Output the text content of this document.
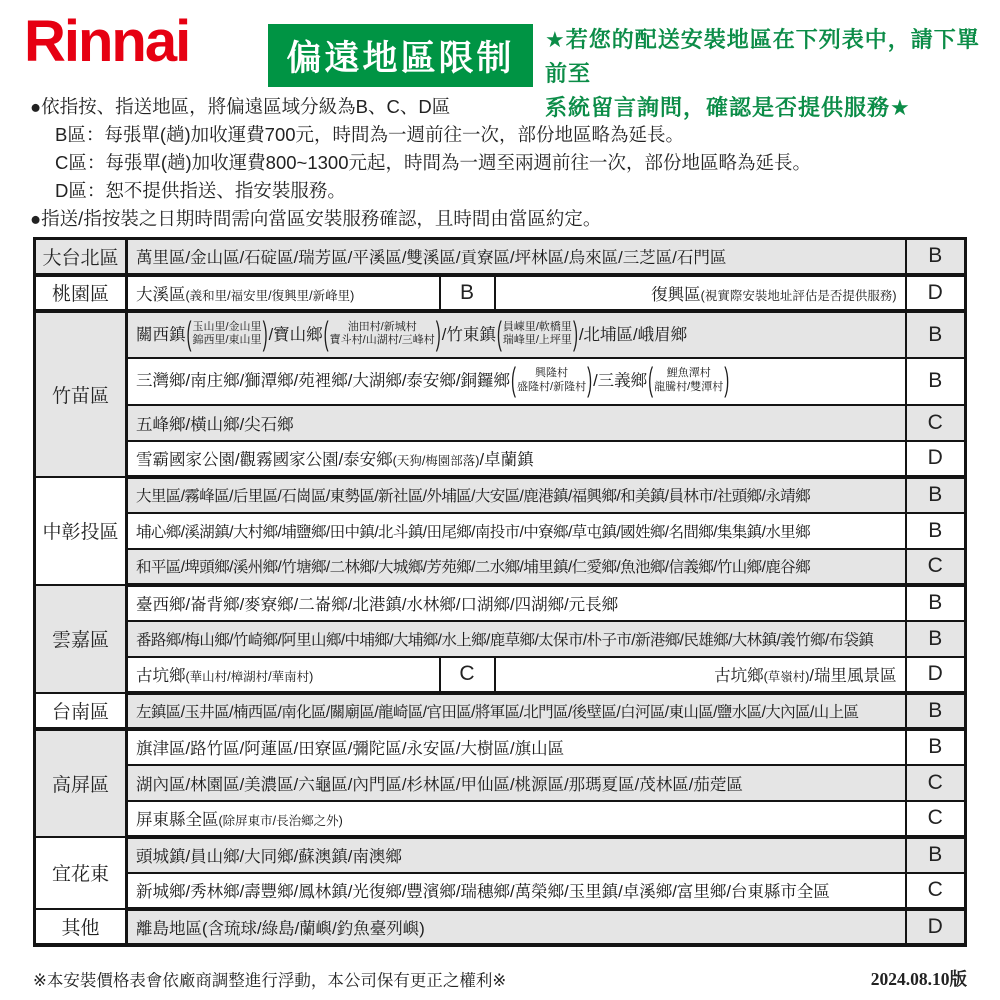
Rinnai	偏遠地區限制	★若您的配送安裝地區在下列表中，請下單前至
系統留言詢問，確認是否提供服務★
●依指按、指送地區，將偏遠區域分級為B、C、D區
B區：每張單(趟)加收運費700元，時間為一週前往一次，部份地區略為延長。
C區：每張單(趟)加收運費800~1300元起，時間為一週至兩週前往一次，部份地區略為延長。
D區：恕不提供指送、指安裝服務。
●指送/指按裝之日期時間需向當區安裝服務確認，且時間由當區約定。
大台北區	萬里區/金山區/石碇區/瑞芳區/平溪區/雙溪區/貢寮區/坪林區/烏來區/三芝區/石門區			B
桃園區	大溪區(義和里/福安里/復興里/新峰里)	B	復興區(視實際安裝地址評估是否提供服務)	D
竹苗區	關西鎮 ( 玉山里/金山里
錦西里/東山里 ) /寶山鄉 ( 油田村/新城村
寶斗村/山湖村/三峰村 ) /竹東鎮 ( 員崠里/軟橋里
瑞峰里/上坪里 ) /北埔區/峨眉鄉	B
三灣鄉/南庄鄉/獅潭鄉/苑裡鄉/大湖鄉/泰安鄉/銅鑼鄉 ( 興隆村
盛隆村/新隆村 ) /三義鄉 ( 鯉魚潭村
龍騰村/雙潭村 )	B
	五峰鄉/橫山鄉/尖石鄉			C
	雪霸國家公園/觀霧國家公園/泰安鄉(天狗/梅園部落)/卓蘭鎮			D
中彰投區	大里區/霧峰區/后里區/石崗區/東勢區/新社區/外埔區/大安區/鹿港鎮/福興鄉/和美鎮/員林市/社頭鄉/永靖鄉			B
	埔心鄉/溪湖鎮/大村鄉/埔鹽鄉/田中鎮/北斗鎮/田尾鄉/南投市/中寮鄉/草屯鎮/國姓鄉/名間鄉/集集鎮/水里鄉			B
	和平區/埤頭鄉/溪州鄉/竹塘鄉/二林鄉/大城鄉/芳苑鄉/二水鄉/埔里鎮/仁愛鄉/魚池鄉/信義鄉/竹山鄉/鹿谷鄉			C
雲嘉區	臺西鄉/崙背鄉/麥寮鄉/二崙鄉/北港鎮/水林鄉/口湖鄉/四湖鄉/元長鄉			B
	番路鄉/梅山鄉/竹崎鄉/阿里山鄉/中埔鄉/大埔鄉/水上鄉/鹿草鄉/太保市/朴子市/新港鄉/民雄鄉/大林鎮/義竹鄉/布袋鎮			B
	古坑鄉(華山村/樟湖村/華南村)	C	古坑鄉(草嶺村)/瑞里風景區	D
台南區	左鎮區/玉井區/楠西區/南化區/關廟區/龍崎區/官田區/將軍區/北門區/後壁區/白河區/東山區/鹽水區/大內區/山上區			B
高屏區	旗津區/路竹區/阿蓮區/田寮區/彌陀區/永安區/大樹區/旗山區			B
	湖內區/林園區/美濃區/六龜區/內門區/杉林區/甲仙區/桃源區/那瑪夏區/茂林區/茄萣區			C
	屏東縣全區(除屏東市/長治鄉之外)			C
宜花東	頭城鎮/員山鄉/大同鄉/蘇澳鎮/南澳鄉			B
	新城鄉/秀林鄉/壽豐鄉/鳳林鎮/光復鄉/豐濱鄉/瑞穗鄉/萬榮鄉/玉里鎮/卓溪鄉/富里鄉/台東縣市全區			C
其他	離島地區(含琉球/綠島/蘭嶼/釣魚臺列嶼)			D
※本安裝價格表會依廠商調整進行浮動，本公司保有更正之權利※	2024.08.10版
